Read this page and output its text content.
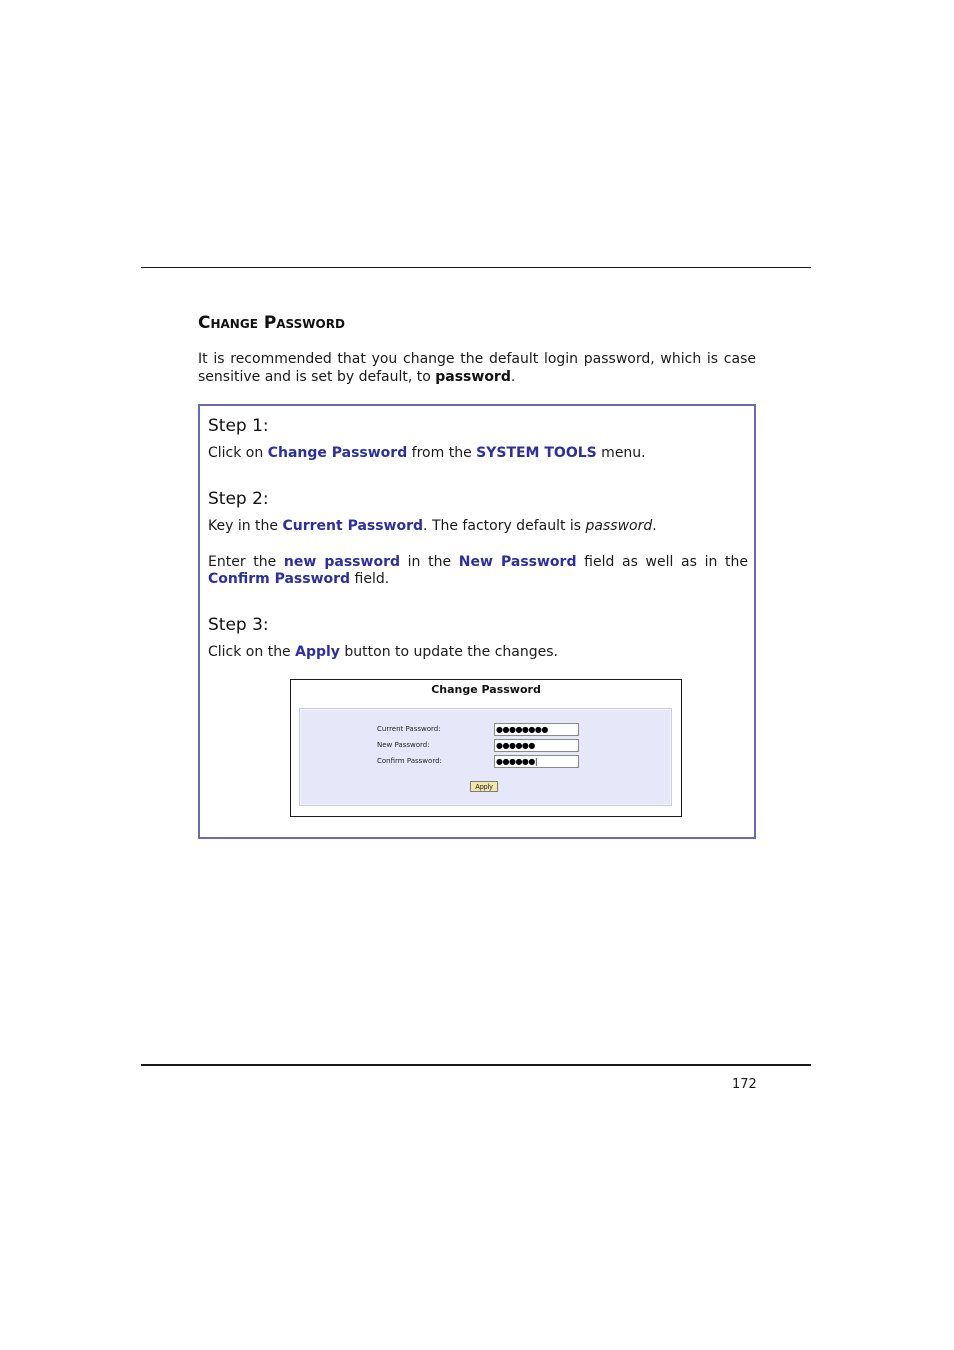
Change Password

It is recommended that you change the default login password, which is case sensitive and is set by default, to password.

Step 1:

Click on Change Password from the SYSTEM TOOLS menu.

Step 2:

Key in the Current Password. The factory default is password.

Enter the new password in the New Password field as well as in the Confirm Password field.

Step 3:

Click on the Apply button to update the changes.

Change Password
Current Password:	●●●●●●●●
New Password:	●●●●●●
Confirm Password:	●●●●●●|
Apply
172
